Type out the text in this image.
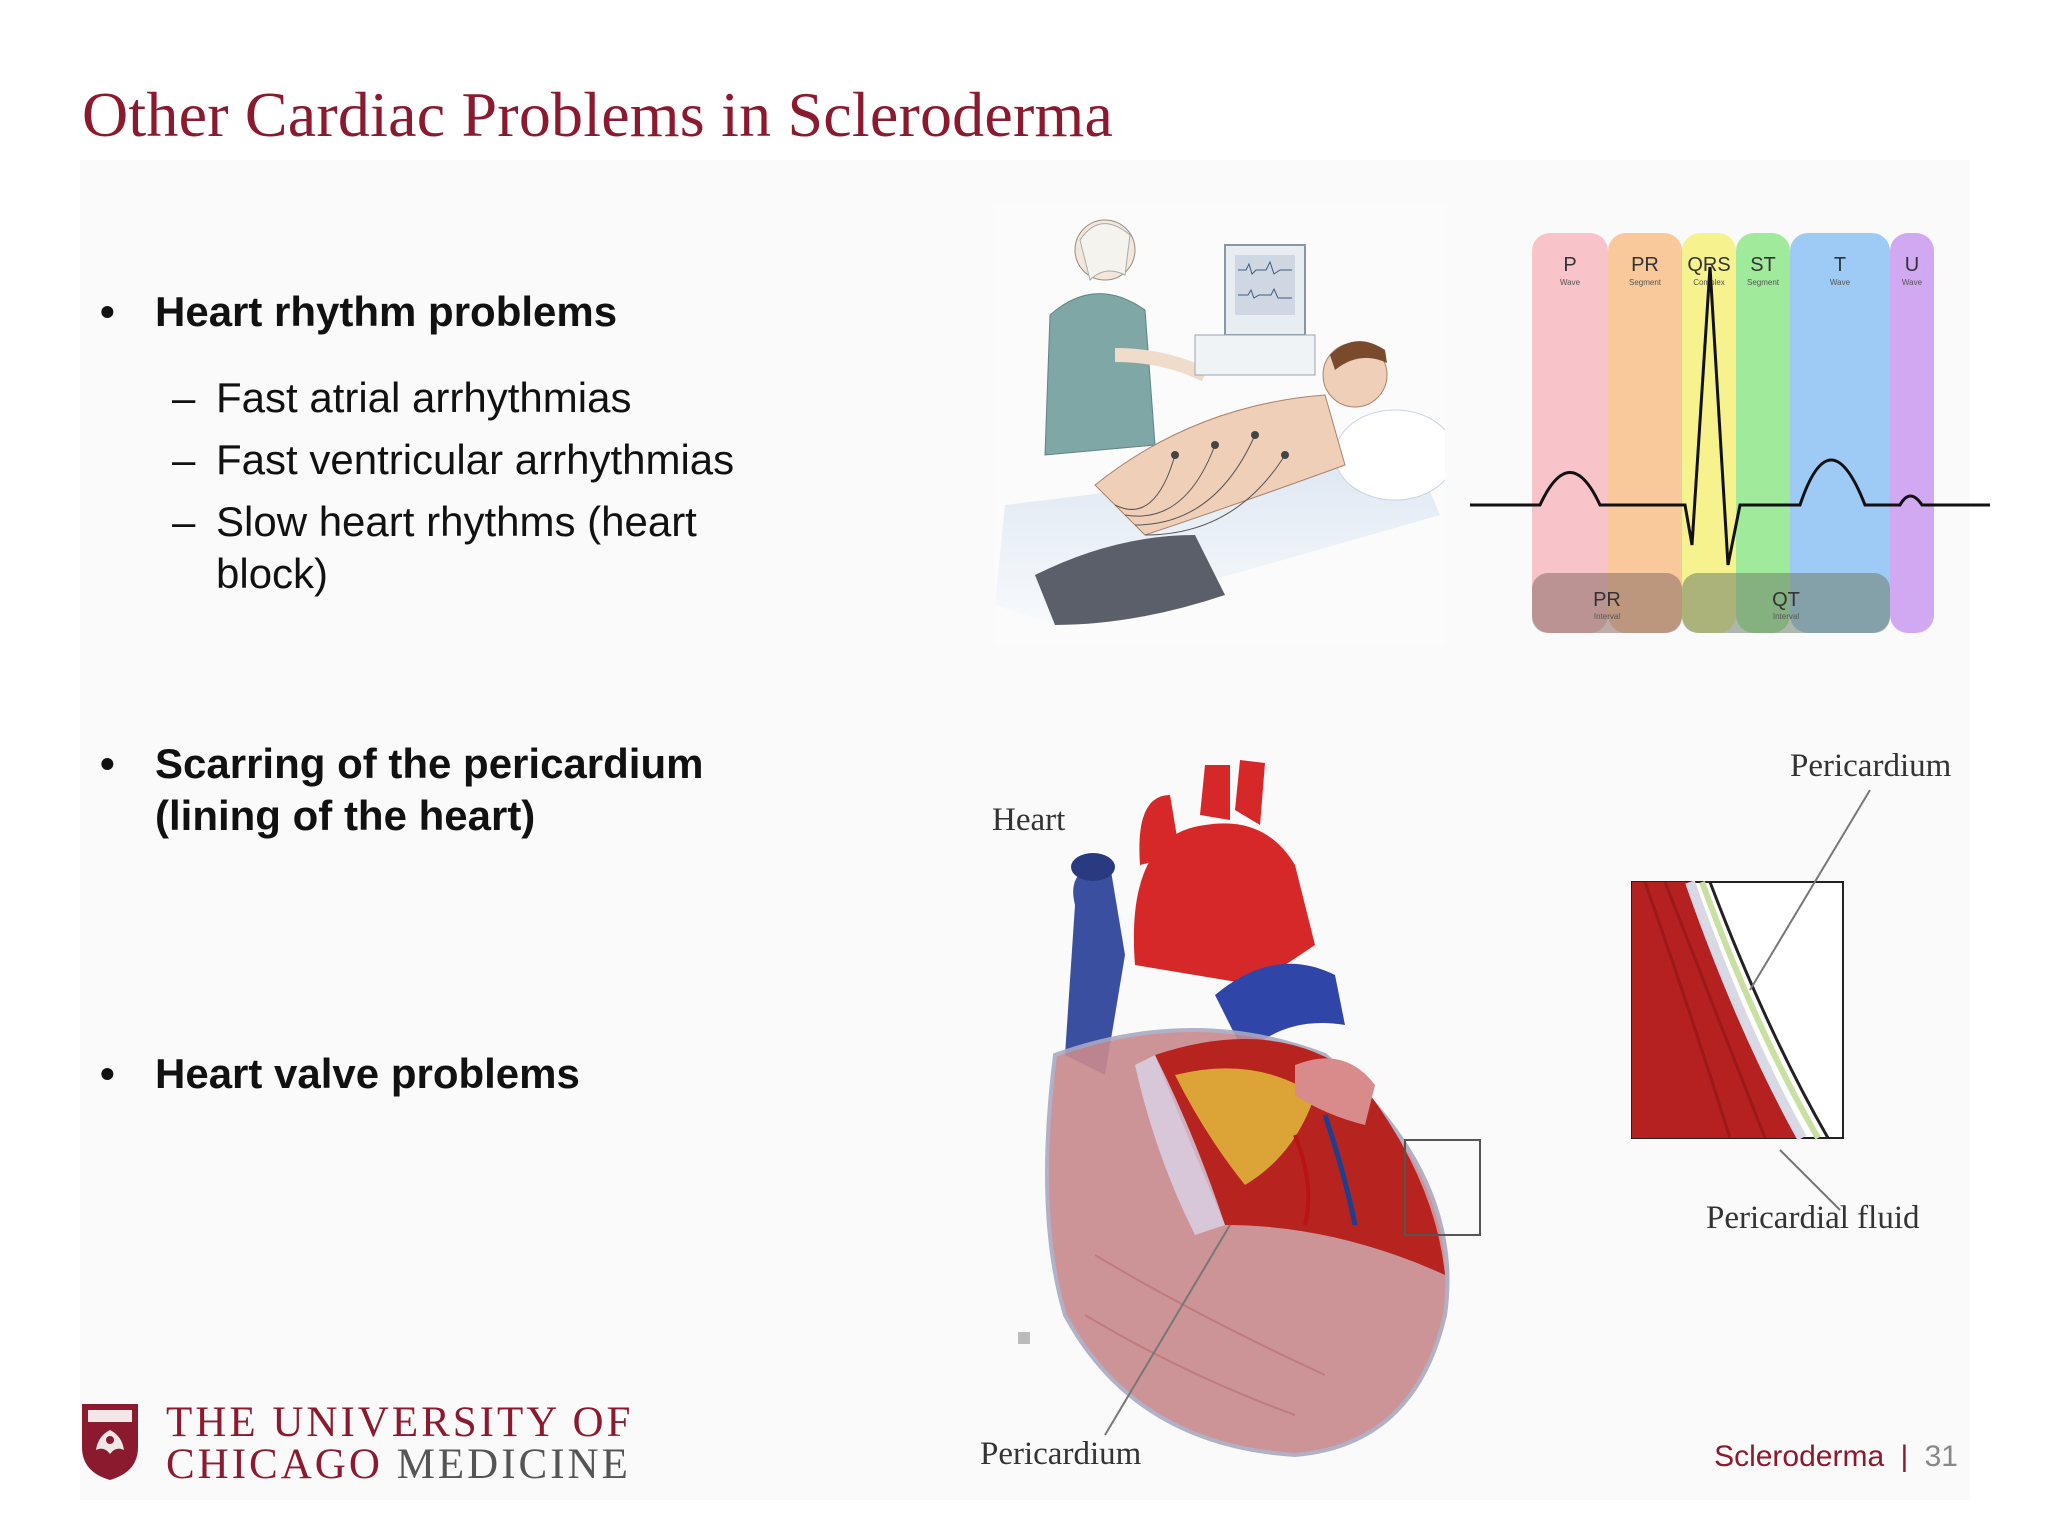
Other Cardiac Problems in Scleroderma
• Heart rhythm problems
– Fast atrial arrhythmias
– Fast ventricular arrhythmias
– Slow heart rhythms (heart block)
• Scarring of the pericardium (lining of the heart)
• Heart valve problems
P	PR QRS ST	T	U
Wave	Segment	Complex	Segment	Wave	Wave
PR	QT
Interval	Interval
Heart
Pericardium
Pericardium
Pericardial fluid
THE UNIVERSITY OF
CHICAGO MEDICINE	Scleroderma | 31
